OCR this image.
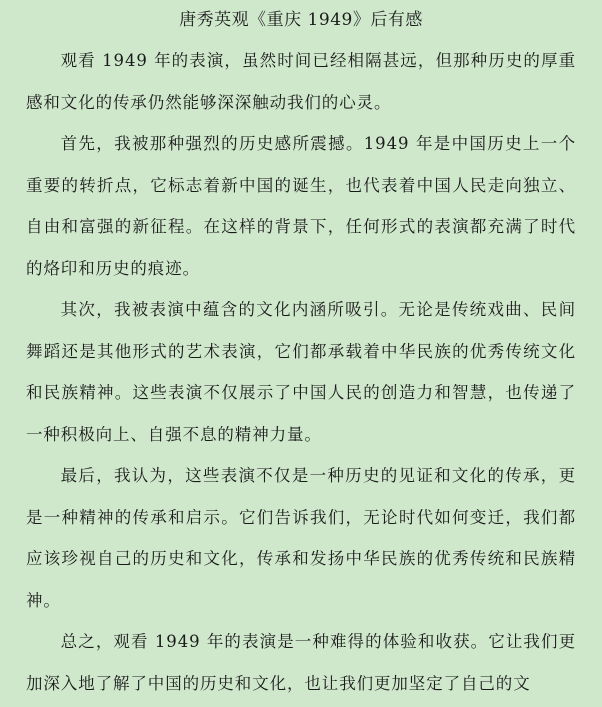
唐秀英观《重庆 1949》后有感

观看 1949 年的表演，虽然时间已经相隔甚远，但那种历史的厚重感和文化的传承仍然能够深深触动我们的心灵。

首先，我被那种强烈的历史感所震撼。1949 年是中国历史上一个重要的转折点，它标志着新中国的诞生，也代表着中国人民走向独立、自由和富强的新征程。在这样的背景下，任何形式的表演都充满了时代的烙印和历史的痕迹。

其次，我被表演中蕴含的文化内涵所吸引。无论是传统戏曲、民间舞蹈还是其他形式的艺术表演，它们都承载着中华民族的优秀传统文化和民族精神。这些表演不仅展示了中国人民的创造力和智慧，也传递了一种积极向上、自强不息的精神力量。

最后，我认为，这些表演不仅是一种历史的见证和文化的传承，更是一种精神的传承和启示。它们告诉我们，无论时代如何变迁，我们都应该珍视自己的历史和文化，传承和发扬中华民族的优秀传统和民族精神。

总之，观看 1949 年的表演是一种难得的体验和收获。它让我们更加深入地了解了中国的历史和文化，也让我们更加坚定了自己的文
